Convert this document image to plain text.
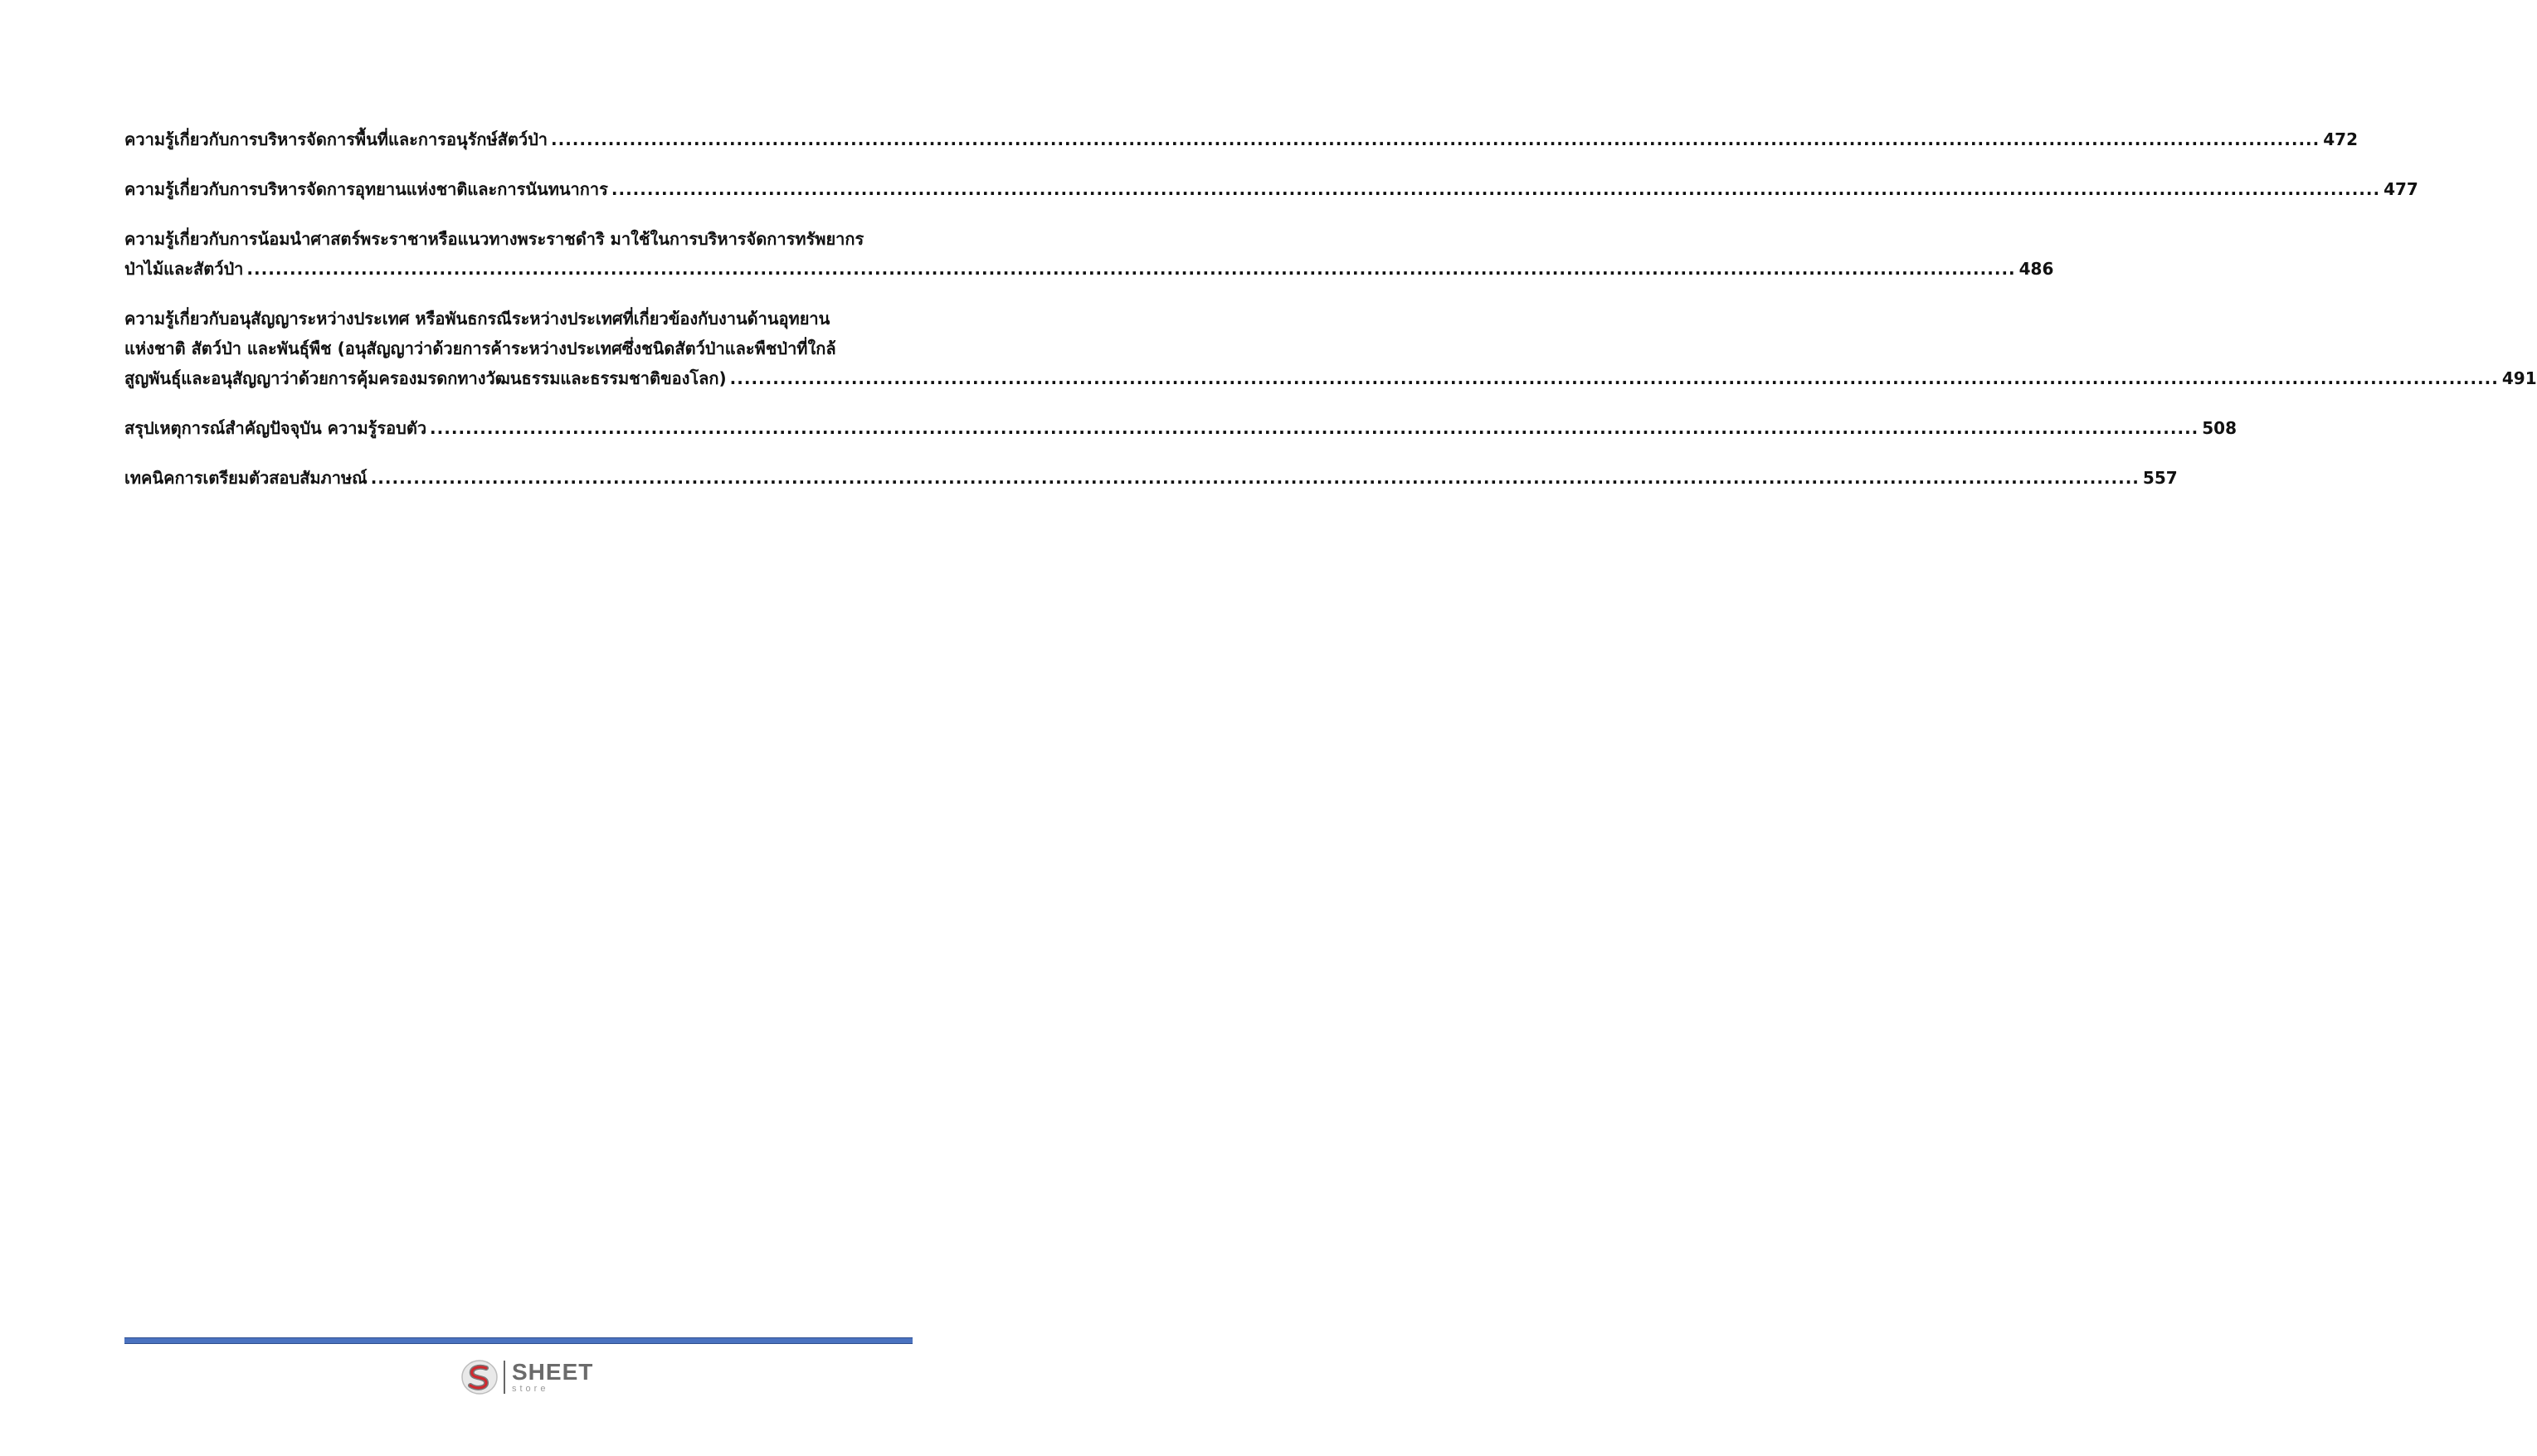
ความรู้เกี่ยวกับการบริหารจัดการพื้นที่และการอนุรักษ์สัตว์ป่า .....	472
ความรู้เกี่ยวกับการบริหารจัดการอุทยานแห่งชาติและการนันทนาการ .....	477
ความรู้เกี่ยวกับการน้อมนำศาสตร์พระราชาหรือแนวทางพระราชดำริ มาใช้ในการบริหารจัดการทรัพยากร
ป่าไม้และสัตว์ป่า .....	486
ความรู้เกี่ยวกับอนุสัญญาระหว่างประเทศ หรือพันธกรณีระหว่างประเทศที่เกี่ยวข้องกับงานด้านอุทยาน
แห่งชาติ สัตว์ป่า และพันธุ์พืช (อนุสัญญาว่าด้วยการค้าระหว่างประเทศซึ่งชนิดสัตว์ป่าและพืชป่าที่ใกล้
สูญพันธุ์และอนุสัญญาว่าด้วยการคุ้มครองมรดกทางวัฒนธรรมและธรรมชาติของโลก) .....	491
สรุปเหตุการณ์สำคัญปัจจุบัน ความรู้รอบตัว .....	508
เทคนิคการเตรียมตัวสอบสัมภาษณ์ .....	557
SHEET
store
